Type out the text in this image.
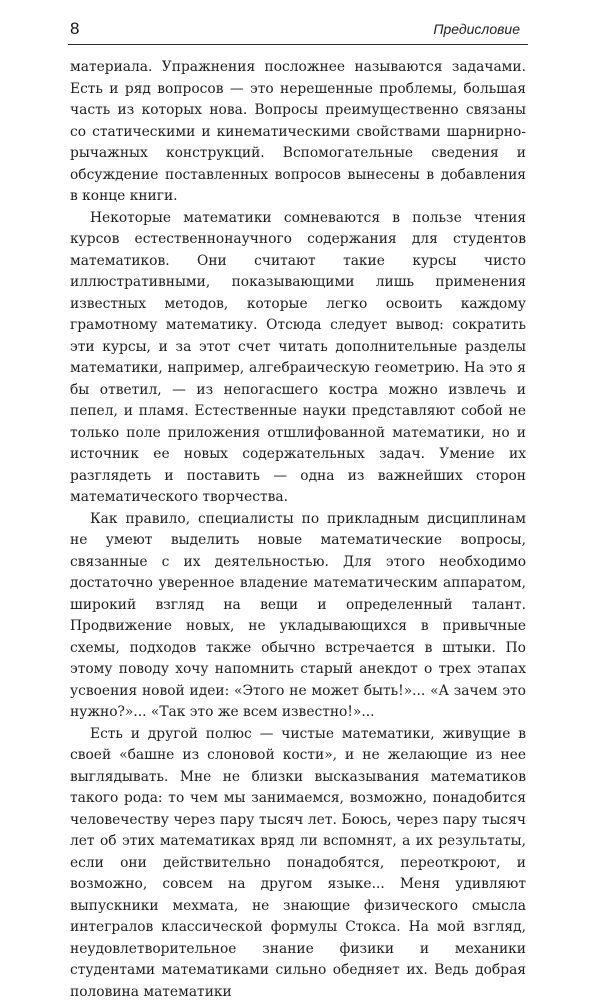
8	Предисловие

материала. Упражнения посложнее называются задачами. Есть и ряд вопросов — это нерешенные проблемы, большая часть из которых нова. Вопросы преимущественно связаны со статическими и кинематическими свойствами шарнирно-рычажных конструкций. Вспомогательные сведения и обсуждение поставленных вопросов вынесены в добавления в конце книги.

Некоторые математики сомневаются в пользе чтения курсов естественнонаучного содержания для студентов математиков. Они считают такие курсы чисто иллюстративными, показывающими лишь применения известных методов, которые легко освоить каждому грамотному математику. Отсюда следует вывод: сократить эти курсы, и за этот счет читать дополнительные разделы математики, например, алгебраическую геометрию. На это я бы ответил, — из непогасшего костра можно извлечь и пепел, и пламя. Естественные науки представляют собой не только поле приложения отшлифованной математики, но и источник ее новых содержательных задач. Умение их разглядеть и поставить — одна из важнейших сторон математического творчества.

Как правило, специалисты по прикладным дисциплинам не умеют выделить новые математические вопросы, связанные с их деятельностью. Для этого необходимо достаточно уверенное владение математическим аппаратом, широкий взгляд на вещи и определенный талант. Продвижение новых, не укладывающихся в привычные схемы, подходов также обычно встречается в штыки. По этому поводу хочу напомнить старый анекдот о трех этапах усвоения новой идеи: «Этого не может быть!»... «А зачем это нужно?»... «Так это же всем известно!»...

Есть и другой полюс — чистые математики, живущие в своей «башне из слоновой кости», и не желающие из нее выглядывать. Мне не близки высказывания математиков такого рода: то чем мы занимаемся, возможно, понадобится человечеству через пару тысяч лет. Боюсь, через пару тысяч лет об этих математиках вряд ли вспомнят, а их результаты, если они действительно понадобятся, переоткроют, и возможно, совсем на другом языке... Меня удивляют выпускники мехмата, не знающие физического смысла интегралов классической формулы Стокса. На мой взгляд, неудовлетворительное знание физики и механики студентами математиками сильно обедняет их. Ведь добрая половина математики
